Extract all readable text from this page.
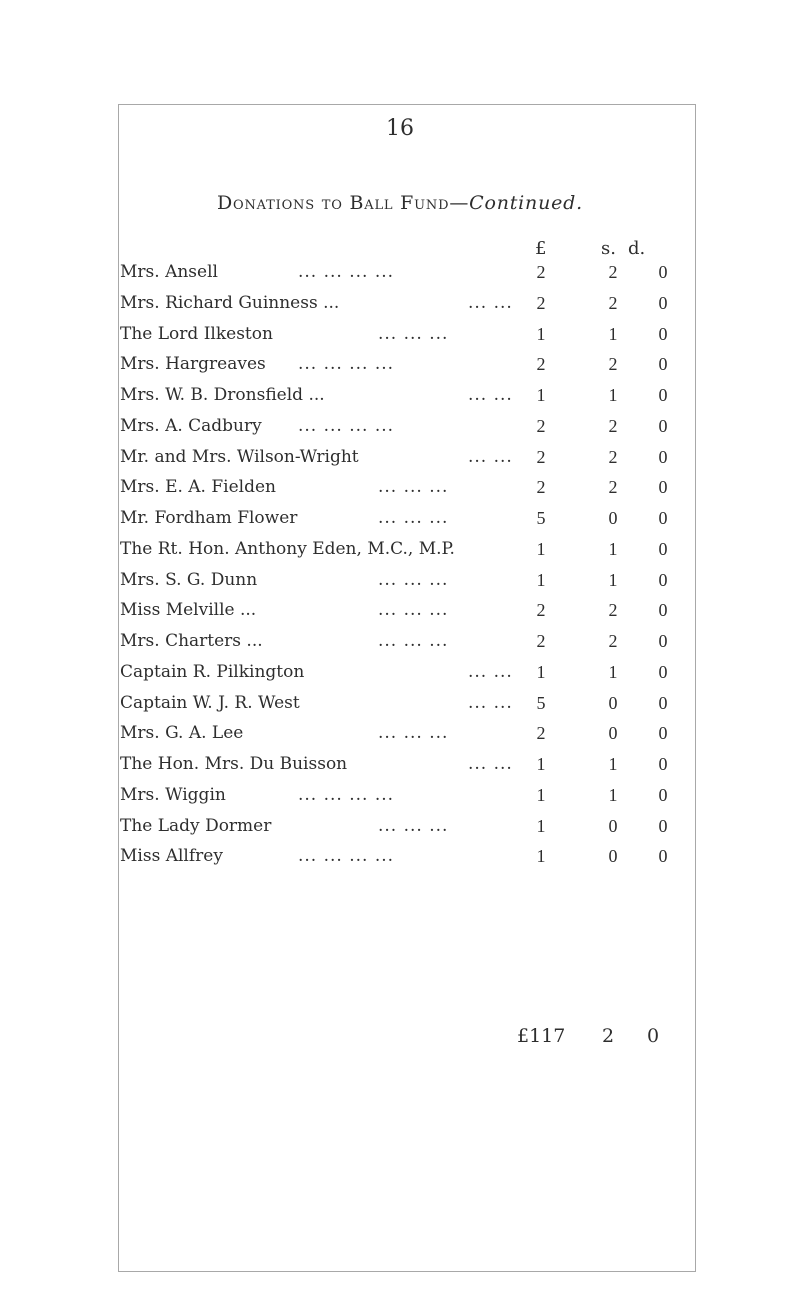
16
Donations to Ball Fund—Continued.
£	s. d.
Mrs. Ansell	... ... ... ...	2	2	0
Mrs. Richard Guinness ...	... ...	2	2	0
The Lord Ilkeston	... ... ...	1	1	0
Mrs. Hargreaves ... ... ... ...	2	2	0
Mrs. W. B. Dronsfield ...	... ...	1	1	0
Mrs. A. Cadbury ... ... ... ...	2	2	0
Mr. and Mrs. Wilson-Wright	... ...	2	2	0
Mrs. E. A. Fielden	... ... ...	2	2	0
Mr. Fordham Flower	... ... ...	5	0	0
The Rt. Hon. Anthony Eden, M.C., M.P.	1	1	0
Mrs. S. G. Dunn	... ... ...	1	1	0
Miss Melville ...	... ... ...	2	2	0
Mrs. Charters ...	... ... ...	2	2	0
Captain R. Pilkington	... ...	1	1	0
Captain W. J. R. West	... ...	5	0	0
Mrs. G. A. Lee	... ... ...	2	0	0
The Hon. Mrs. Du Buisson	... ...	1	1	0
Mrs. Wiggin	... ... ... ...	1	1	0
The Lady Dormer	... ... ...	1	0	0
Miss Allfrey	... ... ... ...	1	0	0
£117 2 0
